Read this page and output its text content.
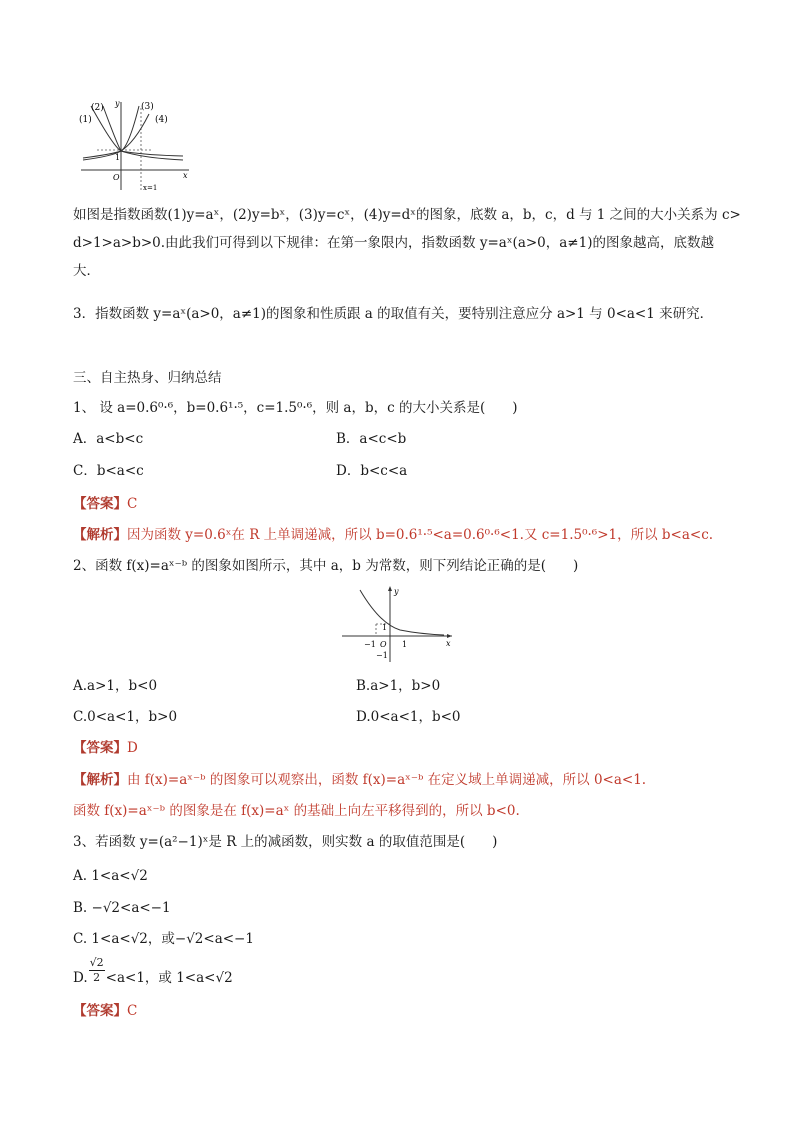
(1)
(2)	(3)
(4)
y
x
O
1
x=1
如图是指数函数(1)y=aˣ，(2)y=bˣ，(3)y=cˣ，(4)y=dˣ的图象，底数 a，b，c，d 与 1 之间的大小关系为 c>
d>1>a>b>0.由此我们可得到以下规律：在第一象限内，指数函数 y=aˣ(a>0，a≠1)的图象越高，底数越
大．
3．指数函数 y=aˣ(a>0，a≠1)的图象和性质跟 a 的取值有关，要特别注意应分 a>1 与 0<a<1 来研究．
三、自主热身、归纳总结
1、 设 a=0.6⁰·⁶，b=0.6¹·⁵，c=1.5⁰·⁶，则 a，b，c 的大小关系是(　　)
A．a<b<c	B．a<c<b
C．b<a<c	D．b<c<a
【答案】C
【解析】因为函数 y=0.6ˣ在 R 上单调递减，所以 b=0.6¹·⁵<a=0.6⁰·⁶<1.又 c=1.5⁰·⁶>1，所以 b<a<c.
2、函数 f(x)=aˣ⁻ᵇ 的图象如图所示，其中 a，b 为常数，则下列结论正确的是(　　)
y
x
O
1
−1	1
−1
A.a>1，b<0	B.a>1，b>0
C.0<a<1，b>0	D.0<a<1，b<0
【答案】D
【解析】由 f(x)=aˣ⁻ᵇ 的图象可以观察出，函数 f(x)=aˣ⁻ᵇ 在定义域上单调递减，所以 0<a<1.
函数 f(x)=aˣ⁻ᵇ 的图象是在 f(x)=aˣ 的基础上向左平移得到的，所以 b<0.
3、若函数 y=(a²−1)ˣ是 R 上的减函数，则实数 a 的取值范围是(　　)
A. 1<a<√2
B. −√2<a<−1
C. 1<a<√2，或−√2<a<−1
D. $\frac{√2}{2} <a<1$，或 1<a<√2
【答案】C
